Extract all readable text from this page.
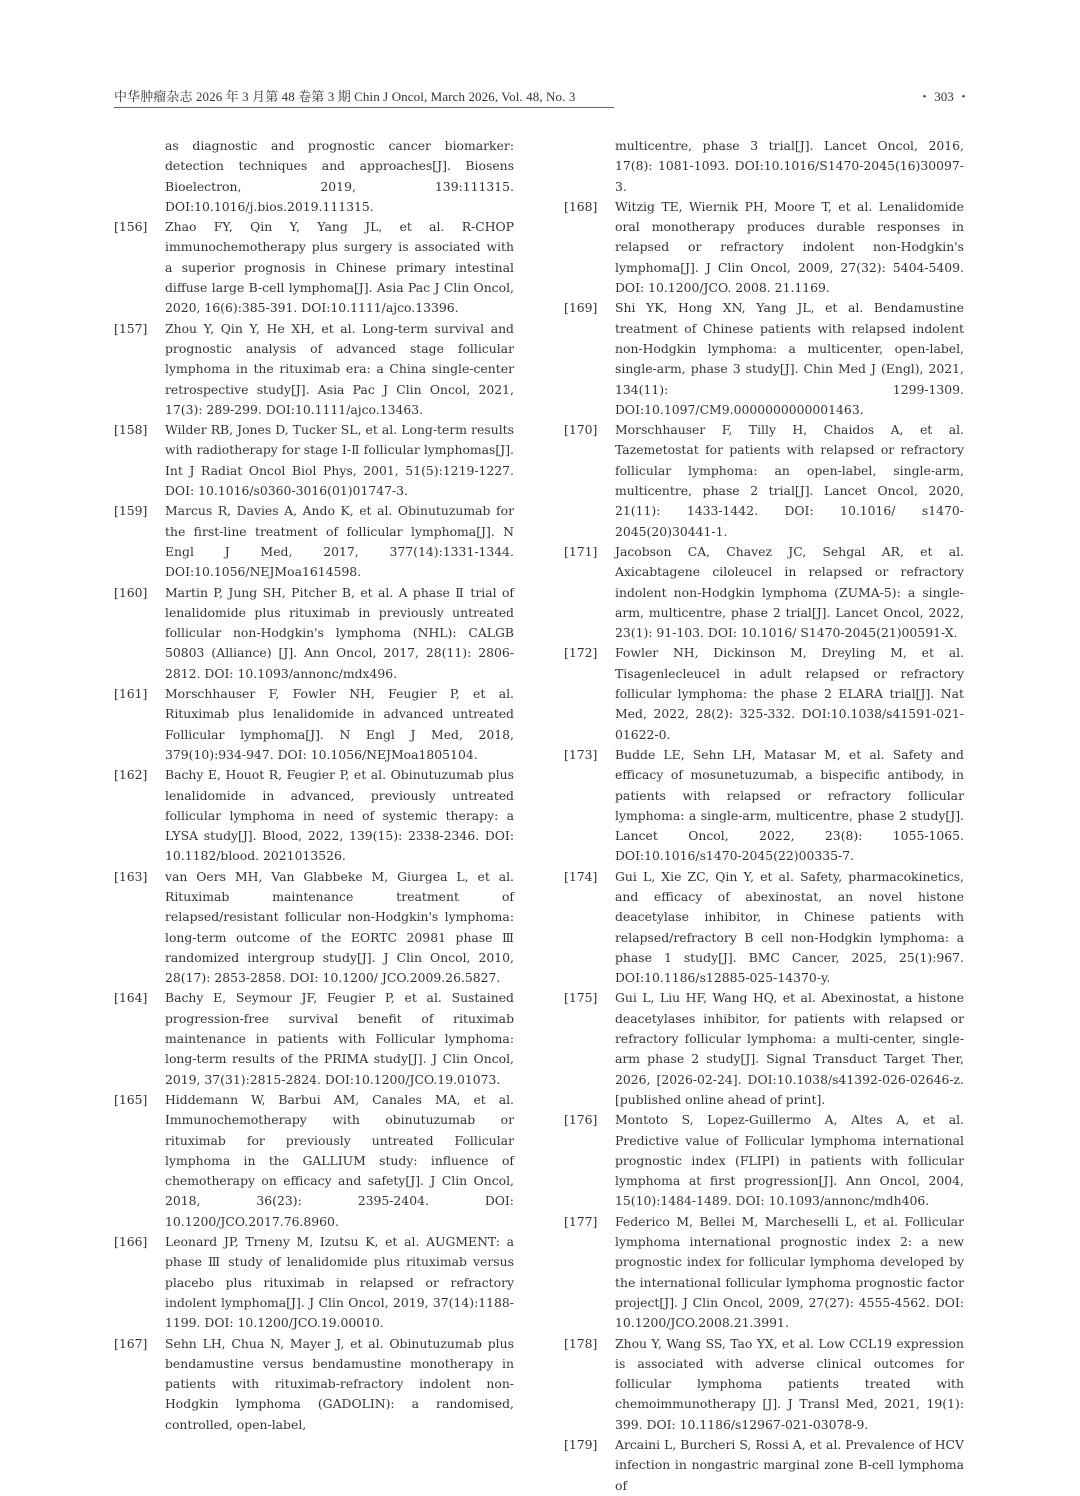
中华肿瘤杂志 2026 年 3 月第 48 卷第 3 期 Chin J Oncol, March 2026, Vol. 48, No. 3	・ 303 ・
as diagnostic and prognostic cancer biomarker: detection techniques and approaches[J]. Biosens Bioelectron, 2019, 139:111315. DOI:10.1016/j.bios.2019.111315.
[156] Zhao FY, Qin Y, Yang JL, et al. R-CHOP immunochemotherapy plus surgery is associated with a superior prognosis in Chinese primary intestinal diffuse large B-cell lymphoma[J]. Asia Pac J Clin Oncol, 2020, 16(6):385-391. DOI:10.1111/ajco.13396.
[157] Zhou Y, Qin Y, He XH, et al. Long-term survival and prognostic analysis of advanced stage follicular lymphoma in the rituximab era: a China single-center retrospective study[J]. Asia Pac J Clin Oncol, 2021, 17(3): 289-299. DOI:10.1111/ajco.13463.
[158] Wilder RB, Jones D, Tucker SL, et al. Long-term results with radiotherapy for stage Ⅰ-Ⅱ follicular lymphomas[J]. Int J Radiat Oncol Biol Phys, 2001, 51(5):1219-1227. DOI: 10.1016/s0360-3016(01)01747-3.
[159] Marcus R, Davies A, Ando K, et al. Obinutuzumab for the first-line treatment of follicular lymphoma[J]. N Engl J Med, 2017, 377(14):1331-1344. DOI:10.1056/NEJMoa1614598.
[160] Martin P, Jung SH, Pitcher B, et al. A phase Ⅱ trial of lenalidomide plus rituximab in previously untreated follicular non-Hodgkin's lymphoma (NHL): CALGB 50803 (Alliance) [J]. Ann Oncol, 2017, 28(11): 2806-2812. DOI: 10.1093/annonc/mdx496.
[161] Morschhauser F, Fowler NH, Feugier P, et al. Rituximab plus lenalidomide in advanced untreated Follicular lymphoma[J]. N Engl J Med, 2018, 379(10):934-947. DOI: 10.1056/NEJMoa1805104.
[162] Bachy E, Houot R, Feugier P, et al. Obinutuzumab plus lenalidomide in advanced, previously untreated follicular lymphoma in need of systemic therapy: a LYSA study[J]. Blood, 2022, 139(15): 2338-2346. DOI: 10.1182/blood. 2021013526.
[163] van Oers MH, Van Glabbeke M, Giurgea L, et al. Rituximab maintenance treatment of relapsed/resistant follicular non-Hodgkin's lymphoma: long-term outcome of the EORTC 20981 phase Ⅲ randomized intergroup study[J]. J Clin Oncol, 2010, 28(17): 2853-2858. DOI: 10.1200/ JCO.2009.26.5827.
[164] Bachy E, Seymour JF, Feugier P, et al. Sustained progression-free survival benefit of rituximab maintenance in patients with Follicular lymphoma: long-term results of the PRIMA study[J]. J Clin Oncol, 2019, 37(31):2815-2824. DOI:10.1200/JCO.19.01073.
[165] Hiddemann W, Barbui AM, Canales MA, et al. Immunochemotherapy with obinutuzumab or rituximab for previously untreated Follicular lymphoma in the GALLIUM study: influence of chemotherapy on efficacy and safety[J]. J Clin Oncol, 2018, 36(23): 2395-2404. DOI: 10.1200/JCO.2017.76.8960.
[166] Leonard JP, Trneny M, Izutsu K, et al. AUGMENT: a phase Ⅲ study of lenalidomide plus rituximab versus placebo plus rituximab in relapsed or refractory indolent lymphoma[J]. J Clin Oncol, 2019, 37(14):1188-1199. DOI: 10.1200/JCO.19.00010.
[167] Sehn LH, Chua N, Mayer J, et al. Obinutuzumab plus bendamustine versus bendamustine monotherapy in patients with rituximab-refractory indolent non-Hodgkin lymphoma (GADOLIN): a randomised, controlled, open-label,
multicentre, phase 3 trial[J]. Lancet Oncol, 2016, 17(8): 1081-1093. DOI:10.1016/S1470-2045(16)30097-3.
[168] Witzig TE, Wiernik PH, Moore T, et al. Lenalidomide oral monotherapy produces durable responses in relapsed or refractory indolent non-Hodgkin's lymphoma[J]. J Clin Oncol, 2009, 27(32): 5404-5409. DOI: 10.1200/JCO. 2008. 21.1169.
[169] Shi YK, Hong XN, Yang JL, et al. Bendamustine treatment of Chinese patients with relapsed indolent non-Hodgkin lymphoma: a multicenter, open-label, single-arm, phase 3 study[J]. Chin Med J (Engl), 2021, 134(11): 1299-1309. DOI:10.1097/CM9.0000000000001463.
[170] Morschhauser F, Tilly H, Chaidos A, et al. Tazemetostat for patients with relapsed or refractory follicular lymphoma: an open-label, single-arm, multicentre, phase 2 trial[J]. Lancet Oncol, 2020, 21(11): 1433-1442. DOI: 10.1016/ s1470-2045(20)30441-1.
[171] Jacobson CA, Chavez JC, Sehgal AR, et al. Axicabtagene ciloleucel in relapsed or refractory indolent non-Hodgkin lymphoma (ZUMA-5): a single-arm, multicentre, phase 2 trial[J]. Lancet Oncol, 2022, 23(1): 91-103. DOI: 10.1016/ S1470-2045(21)00591-X.
[172] Fowler NH, Dickinson M, Dreyling M, et al. Tisagenlecleucel in adult relapsed or refractory follicular lymphoma: the phase 2 ELARA trial[J]. Nat Med, 2022, 28(2): 325-332. DOI:10.1038/s41591-021-01622-0.
[173] Budde LE, Sehn LH, Matasar M, et al. Safety and efficacy of mosunetuzumab, a bispecific antibody, in patients with relapsed or refractory follicular lymphoma: a single-arm, multicentre, phase 2 study[J]. Lancet Oncol, 2022, 23(8): 1055-1065. DOI:10.1016/s1470-2045(22)00335-7.
[174] Gui L, Xie ZC, Qin Y, et al. Safety, pharmacokinetics, and efficacy of abexinostat, an novel histone deacetylase inhibitor, in Chinese patients with relapsed/refractory B cell non-Hodgkin lymphoma: a phase 1 study[J]. BMC Cancer, 2025, 25(1):967. DOI:10.1186/s12885-025-14370-y.
[175] Gui L, Liu HF, Wang HQ, et al. Abexinostat, a histone deacetylases inhibitor, for patients with relapsed or refractory follicular lymphoma: a multi-center, single-arm phase 2 study[J]. Signal Transduct Target Ther, 2026, [2026-02-24]. DOI:10.1038/s41392-026-02646-z. [published online ahead of print].
[176] Montoto S, Lopez-Guillermo A, Altes A, et al. Predictive value of Follicular lymphoma international prognostic index (FLIPI) in patients with follicular lymphoma at first progression[J]. Ann Oncol, 2004, 15(10):1484-1489. DOI: 10.1093/annonc/mdh406.
[177] Federico M, Bellei M, Marcheselli L, et al. Follicular lymphoma international prognostic index 2: a new prognostic index for follicular lymphoma developed by the international follicular lymphoma prognostic factor project[J]. J Clin Oncol, 2009, 27(27): 4555-4562. DOI: 10.1200/JCO.2008.21.3991.
[178] Zhou Y, Wang SS, Tao YX, et al. Low CCL19 expression is associated with adverse clinical outcomes for follicular lymphoma patients treated with chemoimmunotherapy [J]. J Transl Med, 2021, 19(1): 399. DOI: 10.1186/s12967-021-03078-9.
[179] Arcaini L, Burcheri S, Rossi A, et al. Prevalence of HCV infection in nongastric marginal zone B-cell lymphoma of
